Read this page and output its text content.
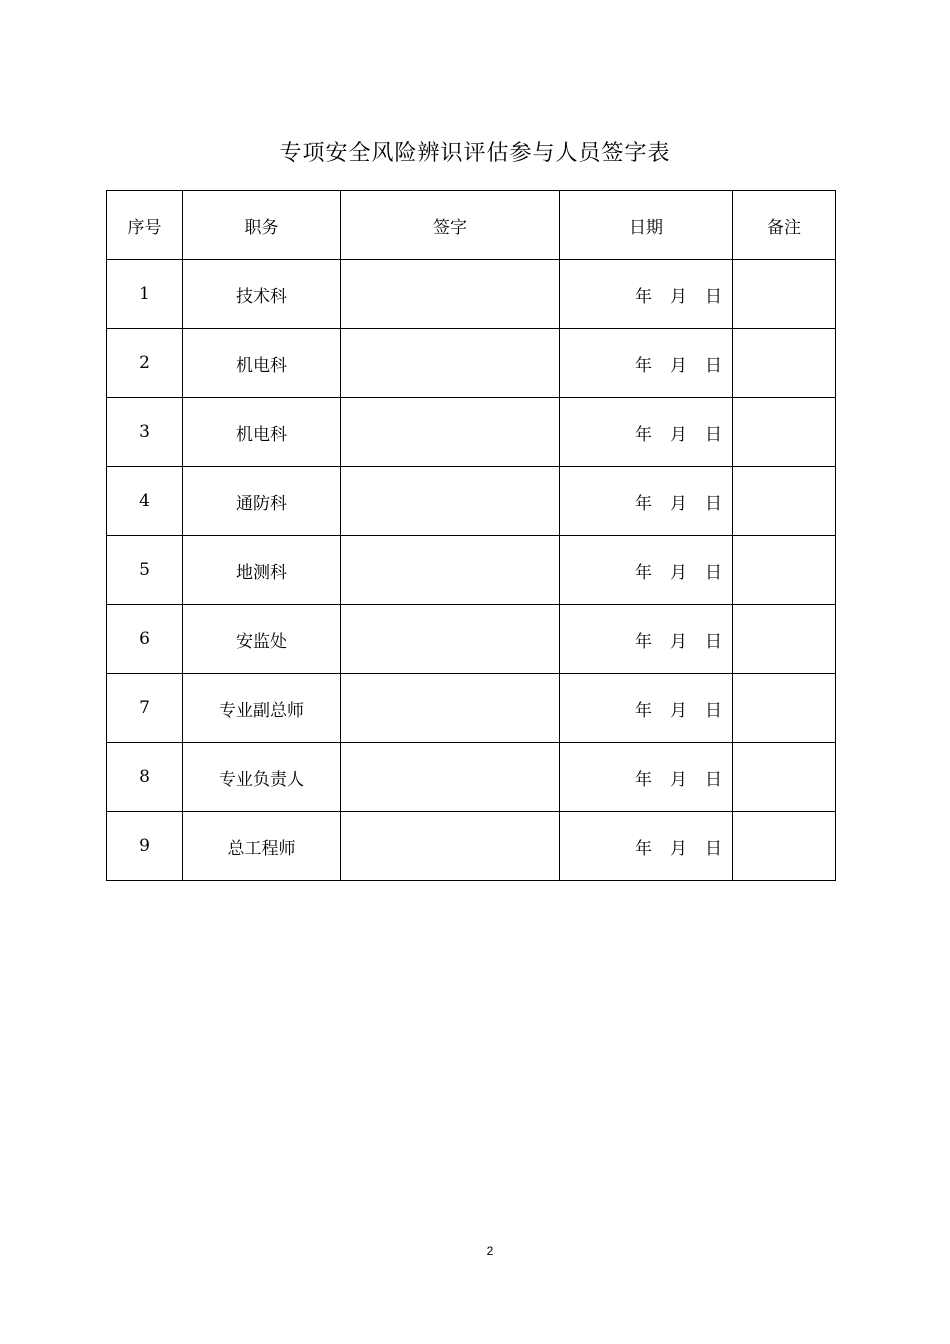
专项安全风险辨识评估参与人员签字表
序号	职务	签字	日期	备注
1	技术科		年 月 日	
2	机电科		年 月 日	
3	机电科		年 月 日	
4	通防科		年 月 日	
5	地测科		年 月 日	
6	安监处		年 月 日	
7	专业副总师		年 月 日	
8	专业负责人		年 月 日	
9	总工程师		年 月 日	
2
